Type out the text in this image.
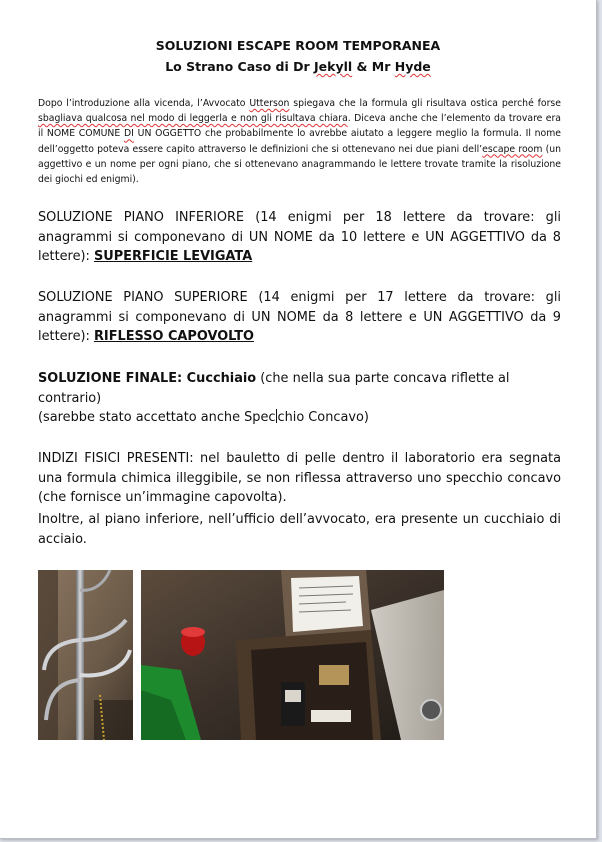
SOLUZIONI ESCAPE ROOM TEMPORANEA
Lo Strano Caso di Dr Jekyll & Mr Hyde
Dopo l’introduzione alla vicenda, l’Avvocato Utterson spiegava che la formula gli risultava ostica perché forse sbagliava qualcosa nel modo di leggerla e non gli risultava chiara. Diceva anche che l’elemento da trovare era il NOME COMUNE DI UN OGGETTO che probabilmente lo avrebbe aiutato a leggere meglio la formula. Il nome dell’oggetto poteva essere capito attraverso le definizioni che si ottenevano nei due piani dell’escape room (un aggettivo e un nome per ogni piano, che si ottenevano anagrammando le lettere trovate tramite la risoluzione dei giochi ed enigmi).
SOLUZIONE PIANO INFERIORE (14 enigmi per 18 lettere da trovare: gli anagrammi si componevano di UN NOME da 10 lettere e UN AGGETTIVO da 8 lettere): SUPERFICIE LEVIGATA
SOLUZIONE PIANO SUPERIORE (14 enigmi per 17 lettere da trovare: gli anagrammi si componevano di UN NOME da 8 lettere e UN AGGETTIVO da 9 lettere): RIFLESSO CAPOVOLTO
SOLUZIONE FINALE: Cucchiaio (che nella sua parte concava riflette al contrario)
(sarebbe stato accettato anche Spec chio Concavo)
INDIZI FISICI PRESENTI: nel bauletto di pelle dentro il laboratorio era segnata una formula chimica illeggibile, se non riflessa attraverso uno specchio concavo (che fornisce un’immagine capovolta).
Inoltre, al piano inferiore, nell’ufficio dell’avvocato, era presente un cucchiaio di acciaio.
